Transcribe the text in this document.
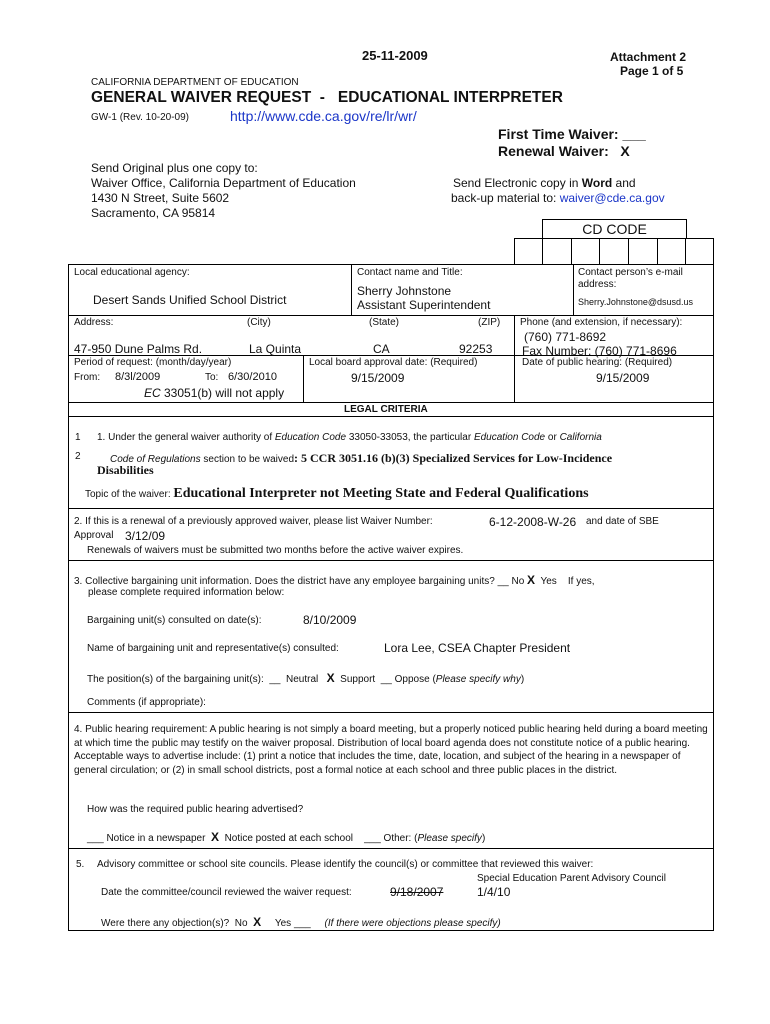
25-11-2009	Attachment 2
Page 1 of 5
CALIFORNIA DEPARTMENT OF EDUCATION
GENERAL WAIVER REQUEST  -   EDUCATIONAL INTERPRETER
GW-1 (Rev. 10-20-09)	http://www.cde.ca.gov/re/lr/wr/
First Time Waiver: ___
Renewal Waiver:   X
Send Original plus one copy to:
Waiver Office, California Department of Education
1430 N Street, Suite 5602
Sacramento, CA 95814
Send Electronic copy in Word and
back-up material to: waiver@cde.ca.gov
CD CODE
Local educational agency:
Desert Sands Unified School District
Contact name and Title:
Sherry Johnstone
Assistant Superintendent
Contact person’s e-mail address:
Sherry.Johnstone@dsusd.us
Address:	(City)	(State)	(ZIP)
47-950 Dune Palms Rd.	La Quinta	CA	92253
Phone (and extension, if necessary):
(760) 771-8692
Fax Number: (760) 771-8696
Period of request: (month/day/year)
From: 8/3l/2009	To: 6/30/2010
EC 33051(b) will not apply
Local board approval date: (Required)
9/15/2009
Date of public hearing: (Required)
9/15/2009
LEGAL CRITERIA
1 1. Under the general waiver authority of Education Code 33050-33053, the particular Education Code or California
2	Code of Regulations section to be waived: 5 CCR 3051.16 (b)(3) Specialized Services for Low-Incidence
Disabilities
Topic of the waiver: Educational Interpreter not Meeting State and Federal Qualifications
2. If this is a renewal of a previously approved waiver, please list Waiver Number:	6-12-2008-W-26 and date of SBE
Approval 3/12/09
Renewals of waivers must be submitted two months before the active waiver expires.
3. Collective bargaining unit information. Does the district have any employee bargaining units? __ No X Yes    If yes,
please complete required information below:
Bargaining unit(s) consulted on date(s):	8/10/2009
Name of bargaining unit and representative(s) consulted:	Lora Lee, CSEA Chapter President
The position(s) of the bargaining unit(s):  __  Neutral X Support  __ Oppose (Please specify why)
Comments (if appropriate):
4. Public hearing requirement: A public hearing is not simply a board meeting, but a properly noticed public hearing held during a board meeting at which time the public may testify on the waiver proposal. Distribution of local board agenda does not constitute notice of a public hearing. Acceptable ways to advertise include: (1) print a notice that includes the time, date, location, and subject of the hearing in a newspaper of general circulation; or (2) in small school districts, post a formal notice at each school and three public places in the district.
How was the required public hearing advertised?
___ Notice in a newspaper X Notice posted at each school    ___ Other: (Please specify)
5. Advisory committee or school site councils. Please identify the council(s) or committee that reviewed this waiver:
Special Education Parent Advisory Council
Date the committee/council reviewed the waiver request:	9/18/2007	1/4/10
Were there any objection(s)?  No X Yes ___ (If there were objections please specify)
